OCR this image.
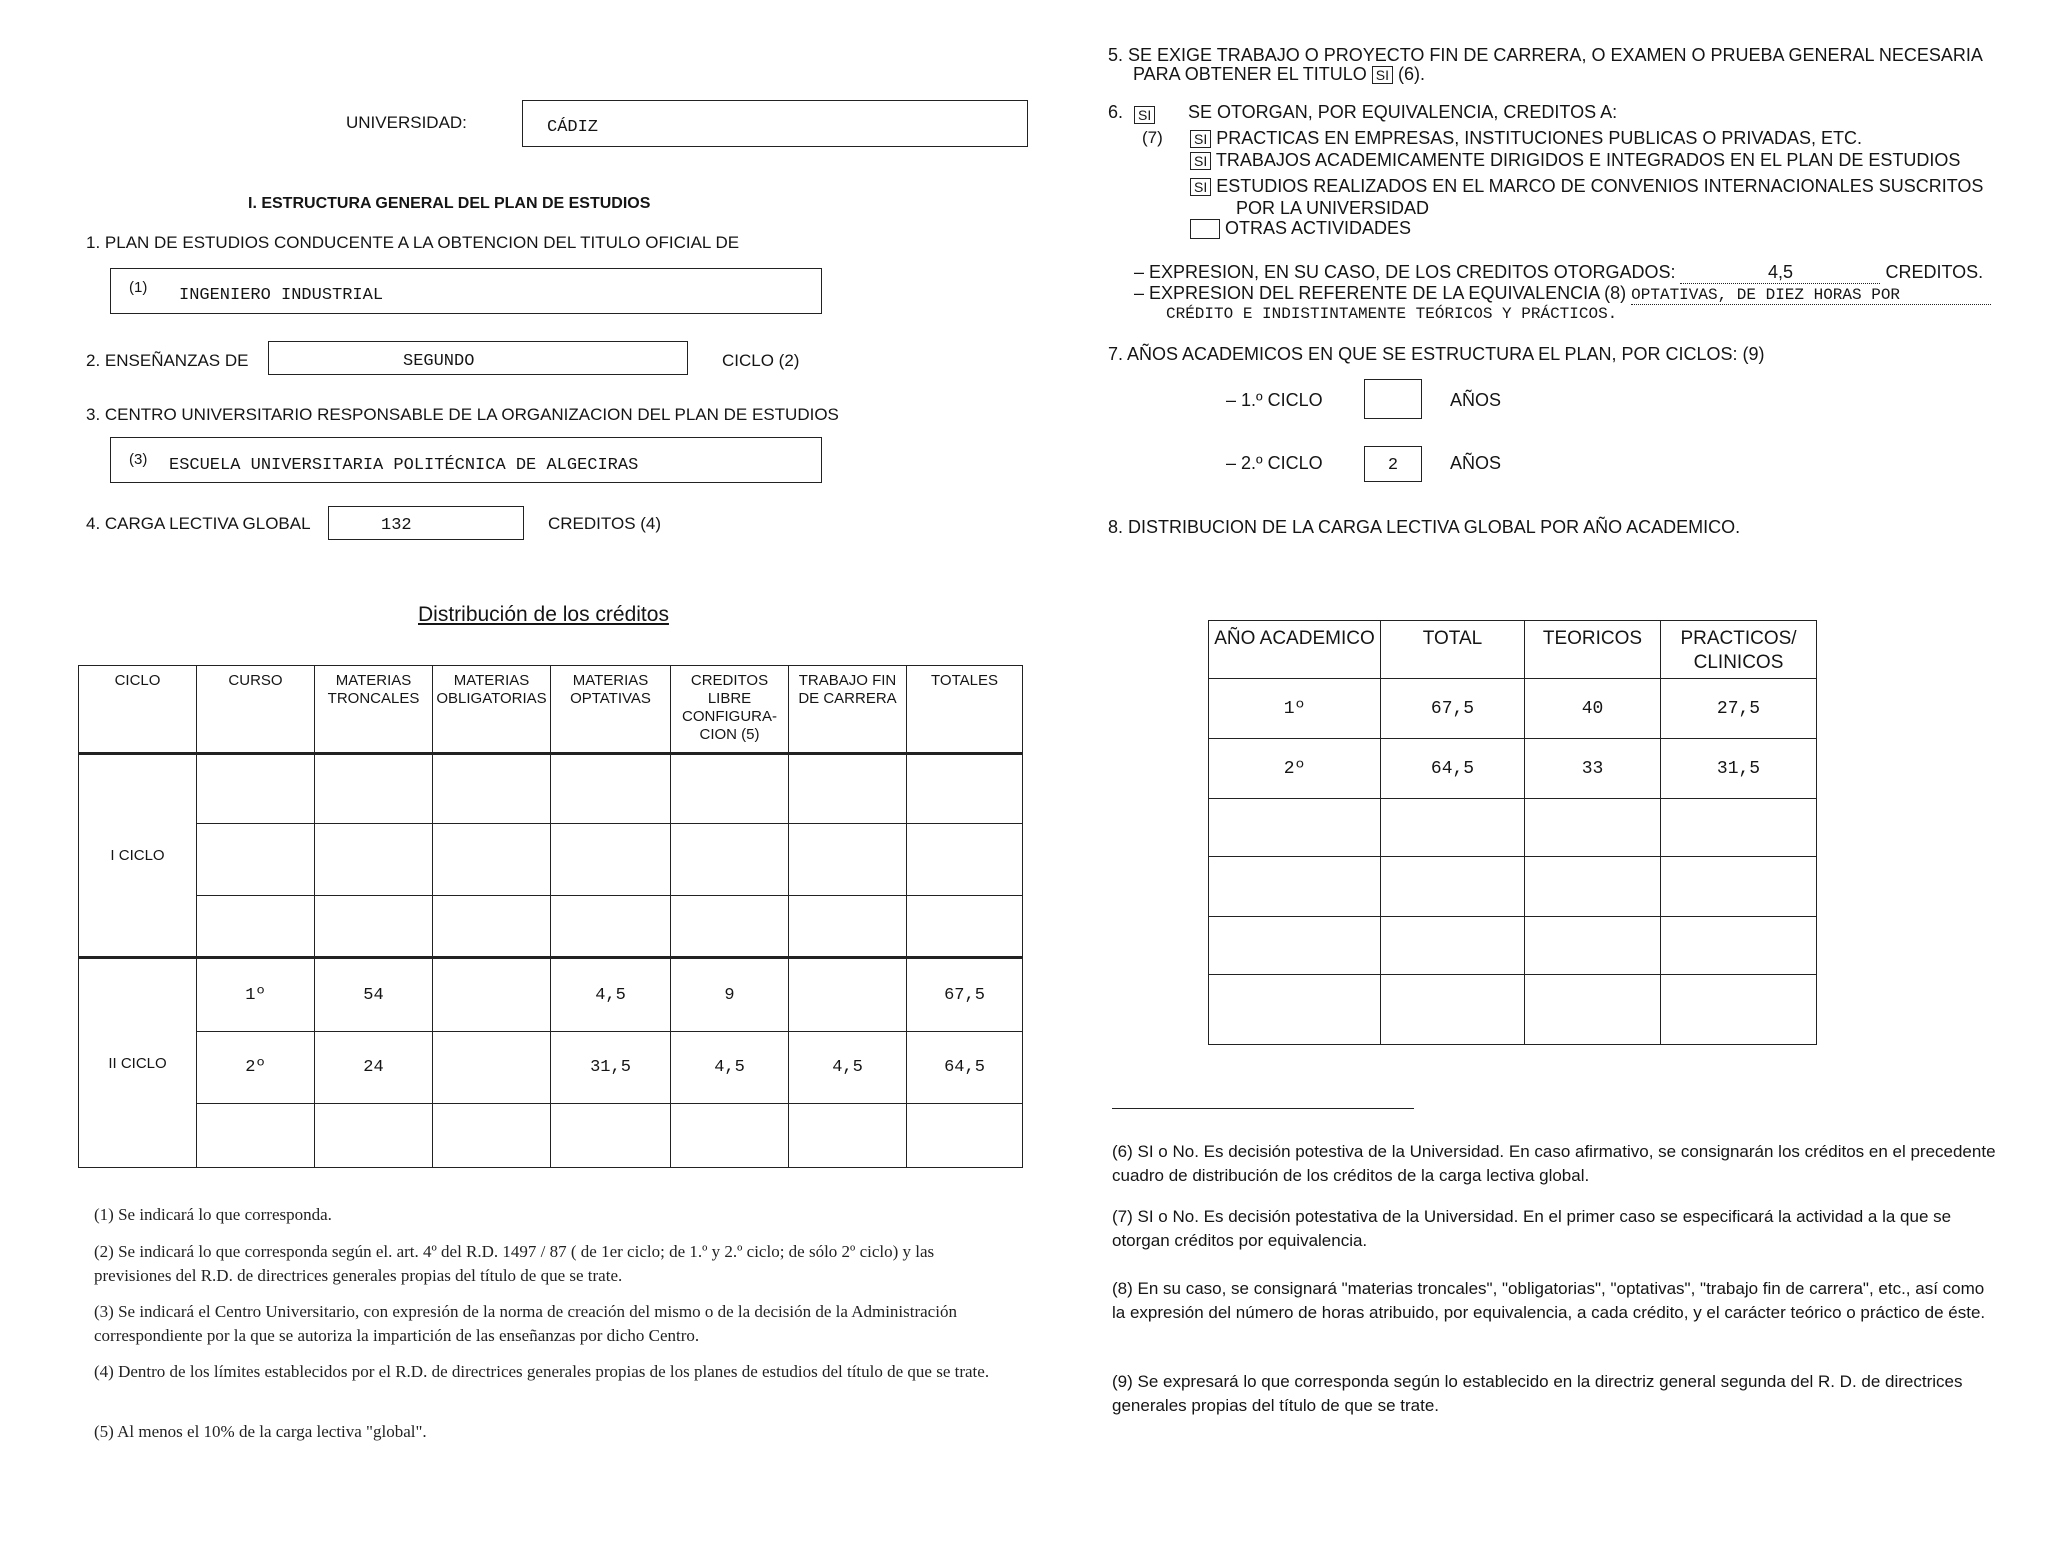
UNIVERSIDAD:	CÁDIZ
I. ESTRUCTURA GENERAL DEL PLAN DE ESTUDIOS
1. PLAN DE ESTUDIOS CONDUCENTE A LA OBTENCION DEL TITULO OFICIAL DE
(1) INGENIERO INDUSTRIAL
2. ENSEÑANZAS DE	SEGUNDO	CICLO (2)
3. CENTRO UNIVERSITARIO RESPONSABLE DE LA ORGANIZACION DEL PLAN DE ESTUDIOS
(3) ESCUELA UNIVERSITARIA POLITÉCNICA DE ALGECIRAS
4. CARGA LECTIVA GLOBAL	132	CREDITOS (4)
Distribución de los créditos
CICLO	CURSO	MATERIAS TRONCALES	MATERIAS OBLIGATORIAS	MATERIAS OPTATIVAS	CREDITOS LIBRE CONFIGURA- CION (5)	TRABAJO FIN DE CARRERA	TOTALES
I CICLO							

II CICLO	1º	54		4,5	9		67,5
	2º	24		31,5	4,5	4,5	64,5

(1) Se indicará lo que corresponda.
(2) Se indicará lo que corresponda según el. art. 4º del R.D. 1497 / 87 ( de 1er ciclo; de 1.º y 2.º ciclo; de sólo 2º ciclo) y las previsiones del R.D. de directrices generales propias del título de que se trate.
(3) Se indicará el Centro Universitario, con expresión de la norma de creación del mismo o de la decisión de la Administración correspondiente por la que se autoriza la impartición de las enseñanzas por dicho Centro.
(4) Dentro de los límites establecidos por el R.D. de directrices generales propias de los planes de estudios del título de que se trate.
(5) Al menos el 10% de la carga lectiva "global".
5. SE EXIGE TRABAJO O PROYECTO FIN DE CARRERA, O EXAMEN O PRUEBA GENERAL NECESARIA
PARA OBTENER EL TITULO SI (6).
6. SI
(7)
SE OTORGAN, POR EQUIVALENCIA, CREDITOS A:
SI PRACTICAS EN EMPRESAS, INSTITUCIONES PUBLICAS O PRIVADAS, ETC.
SI TRABAJOS ACADEMICAMENTE DIRIGIDOS E INTEGRADOS EN EL PLAN DE ESTUDIOS
SI ESTUDIOS REALIZADOS EN EL MARCO DE CONVENIOS INTERNACIONALES SUSCRITOS
POR LA UNIVERSIDAD
OTRAS ACTIVIDADES
– EXPRESION, EN SU CASO, DE LOS CREDITOS OTORGADOS:	4,5	CREDITOS.
– EXPRESION DEL REFERENTE DE LA EQUIVALENCIA (8) OPTATIVAS, DE DIEZ HORAS POR
CRÉDITO E INDISTINTAMENTE TEÓRICOS Y PRÁCTICOS.
7. AÑOS ACADEMICOS EN QUE SE ESTRUCTURA EL PLAN, POR CICLOS: (9)
– 1.º CICLO	AÑOS
– 2.º CICLO	2	AÑOS
8. DISTRIBUCION DE LA CARGA LECTIVA GLOBAL POR AÑO ACADEMICO.
AÑO ACADEMICO	TOTAL	TEORICOS	PRACTICOS/ CLINICOS
1º	67,5	40	27,5
2º	64,5	33	31,5

(6) SI o No. Es decisión potestiva de la Universidad. En caso afirmativo, se consignarán los créditos en el precedente cuadro de distribución de los créditos de la carga lectiva global.
(7) SI o No. Es decisión potestativa de la Universidad. En el primer caso se especificará la actividad a la que se otorgan créditos por equivalencia.
(8) En su caso, se consignará "materias troncales", "obligatorias", "optativas", "trabajo fin de carrera", etc., así como la expresión del número de horas atribuido, por equivalencia, a cada crédito, y el carácter teórico o práctico de éste.
(9) Se expresará lo que corresponda según lo establecido en la directriz general segunda del R. D. de directrices generales propias del título de que se trate.
